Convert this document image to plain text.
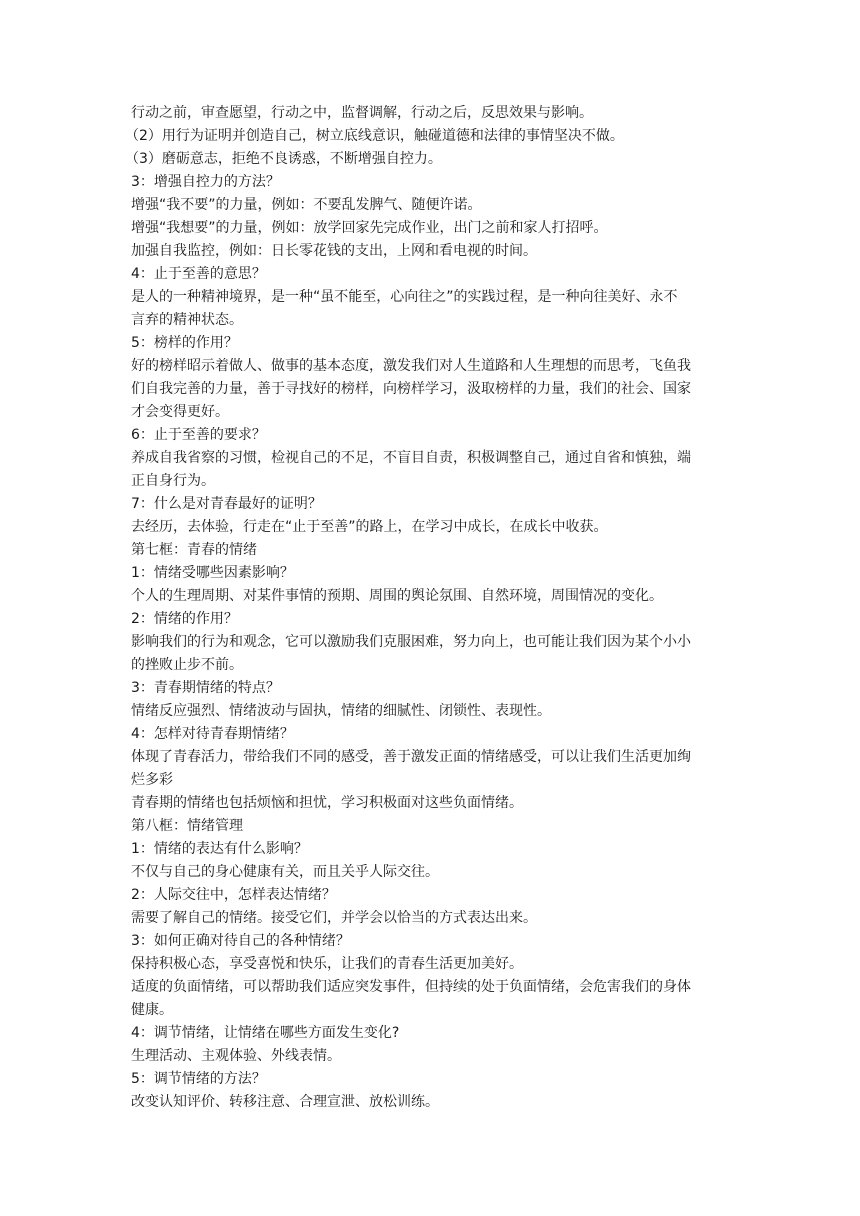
行动之前，审查愿望，行动之中，监督调解，行动之后，反思效果与影响。
（2）用行为证明并创造自己，树立底线意识，触碰道德和法律的事情坚决不做。
（3）磨砺意志，拒绝不良诱惑，不断增强自控力。
3：增强自控力的方法？
增强“我不要”的力量，例如：不要乱发脾气、随便许诺。
增强“我想要”的力量，例如：放学回家先完成作业，出门之前和家人打招呼。
加强自我监控，例如：日长零花钱的支出，上网和看电视的时间。
4：止于至善的意思？
是人的一种精神境界，是一种“虽不能至，心向往之”的实践过程，是一种向往美好、永不
言弃的精神状态。
5：榜样的作用？
好的榜样昭示着做人、做事的基本态度，激发我们对人生道路和人生理想的而思考，飞鱼我
们自我完善的力量，善于寻找好的榜样，向榜样学习，汲取榜样的力量，我们的社会、国家
才会变得更好。
6：止于至善的要求？
养成自我省察的习惯，检视自己的不足，不盲目自责，积极调整自己，通过自省和慎独，端
正自身行为。
7：什么是对青春最好的证明？
去经历，去体验，行走在“止于至善”的路上，在学习中成长，在成长中收获。
第七框：青春的情绪
1：情绪受哪些因素影响？
个人的生理周期、对某件事情的预期、周围的舆论氛围、自然环境，周围情况的变化。
2：情绪的作用？
影响我们的行为和观念，它可以激励我们克服困难，努力向上，也可能让我们因为某个小小
的挫败止步不前。
3：青春期情绪的特点？
情绪反应强烈、情绪波动与固执，情绪的细腻性、闭锁性、表现性。
4：怎样对待青春期情绪？
体现了青春活力，带给我们不同的感受，善于激发正面的情绪感受，可以让我们生活更加绚
烂多彩
青春期的情绪也包括烦恼和担忧，学习积极面对这些负面情绪。
第八框：情绪管理
1：情绪的表达有什么影响？
不仅与自己的身心健康有关，而且关乎人际交往。
2：人际交往中，怎样表达情绪？
需要了解自己的情绪。接受它们，并学会以恰当的方式表达出来。
3：如何正确对待自己的各种情绪？
保持积极心态，享受喜悦和快乐，让我们的青春生活更加美好。
适度的负面情绪，可以帮助我们适应突发事件，但持续的处于负面情绪，会危害我们的身体
健康。
4：调节情绪，让情绪在哪些方面发生变化?
生理活动、主观体验、外线表情。
5：调节情绪的方法？
改变认知评价、转移注意、合理宣泄、放松训练。
